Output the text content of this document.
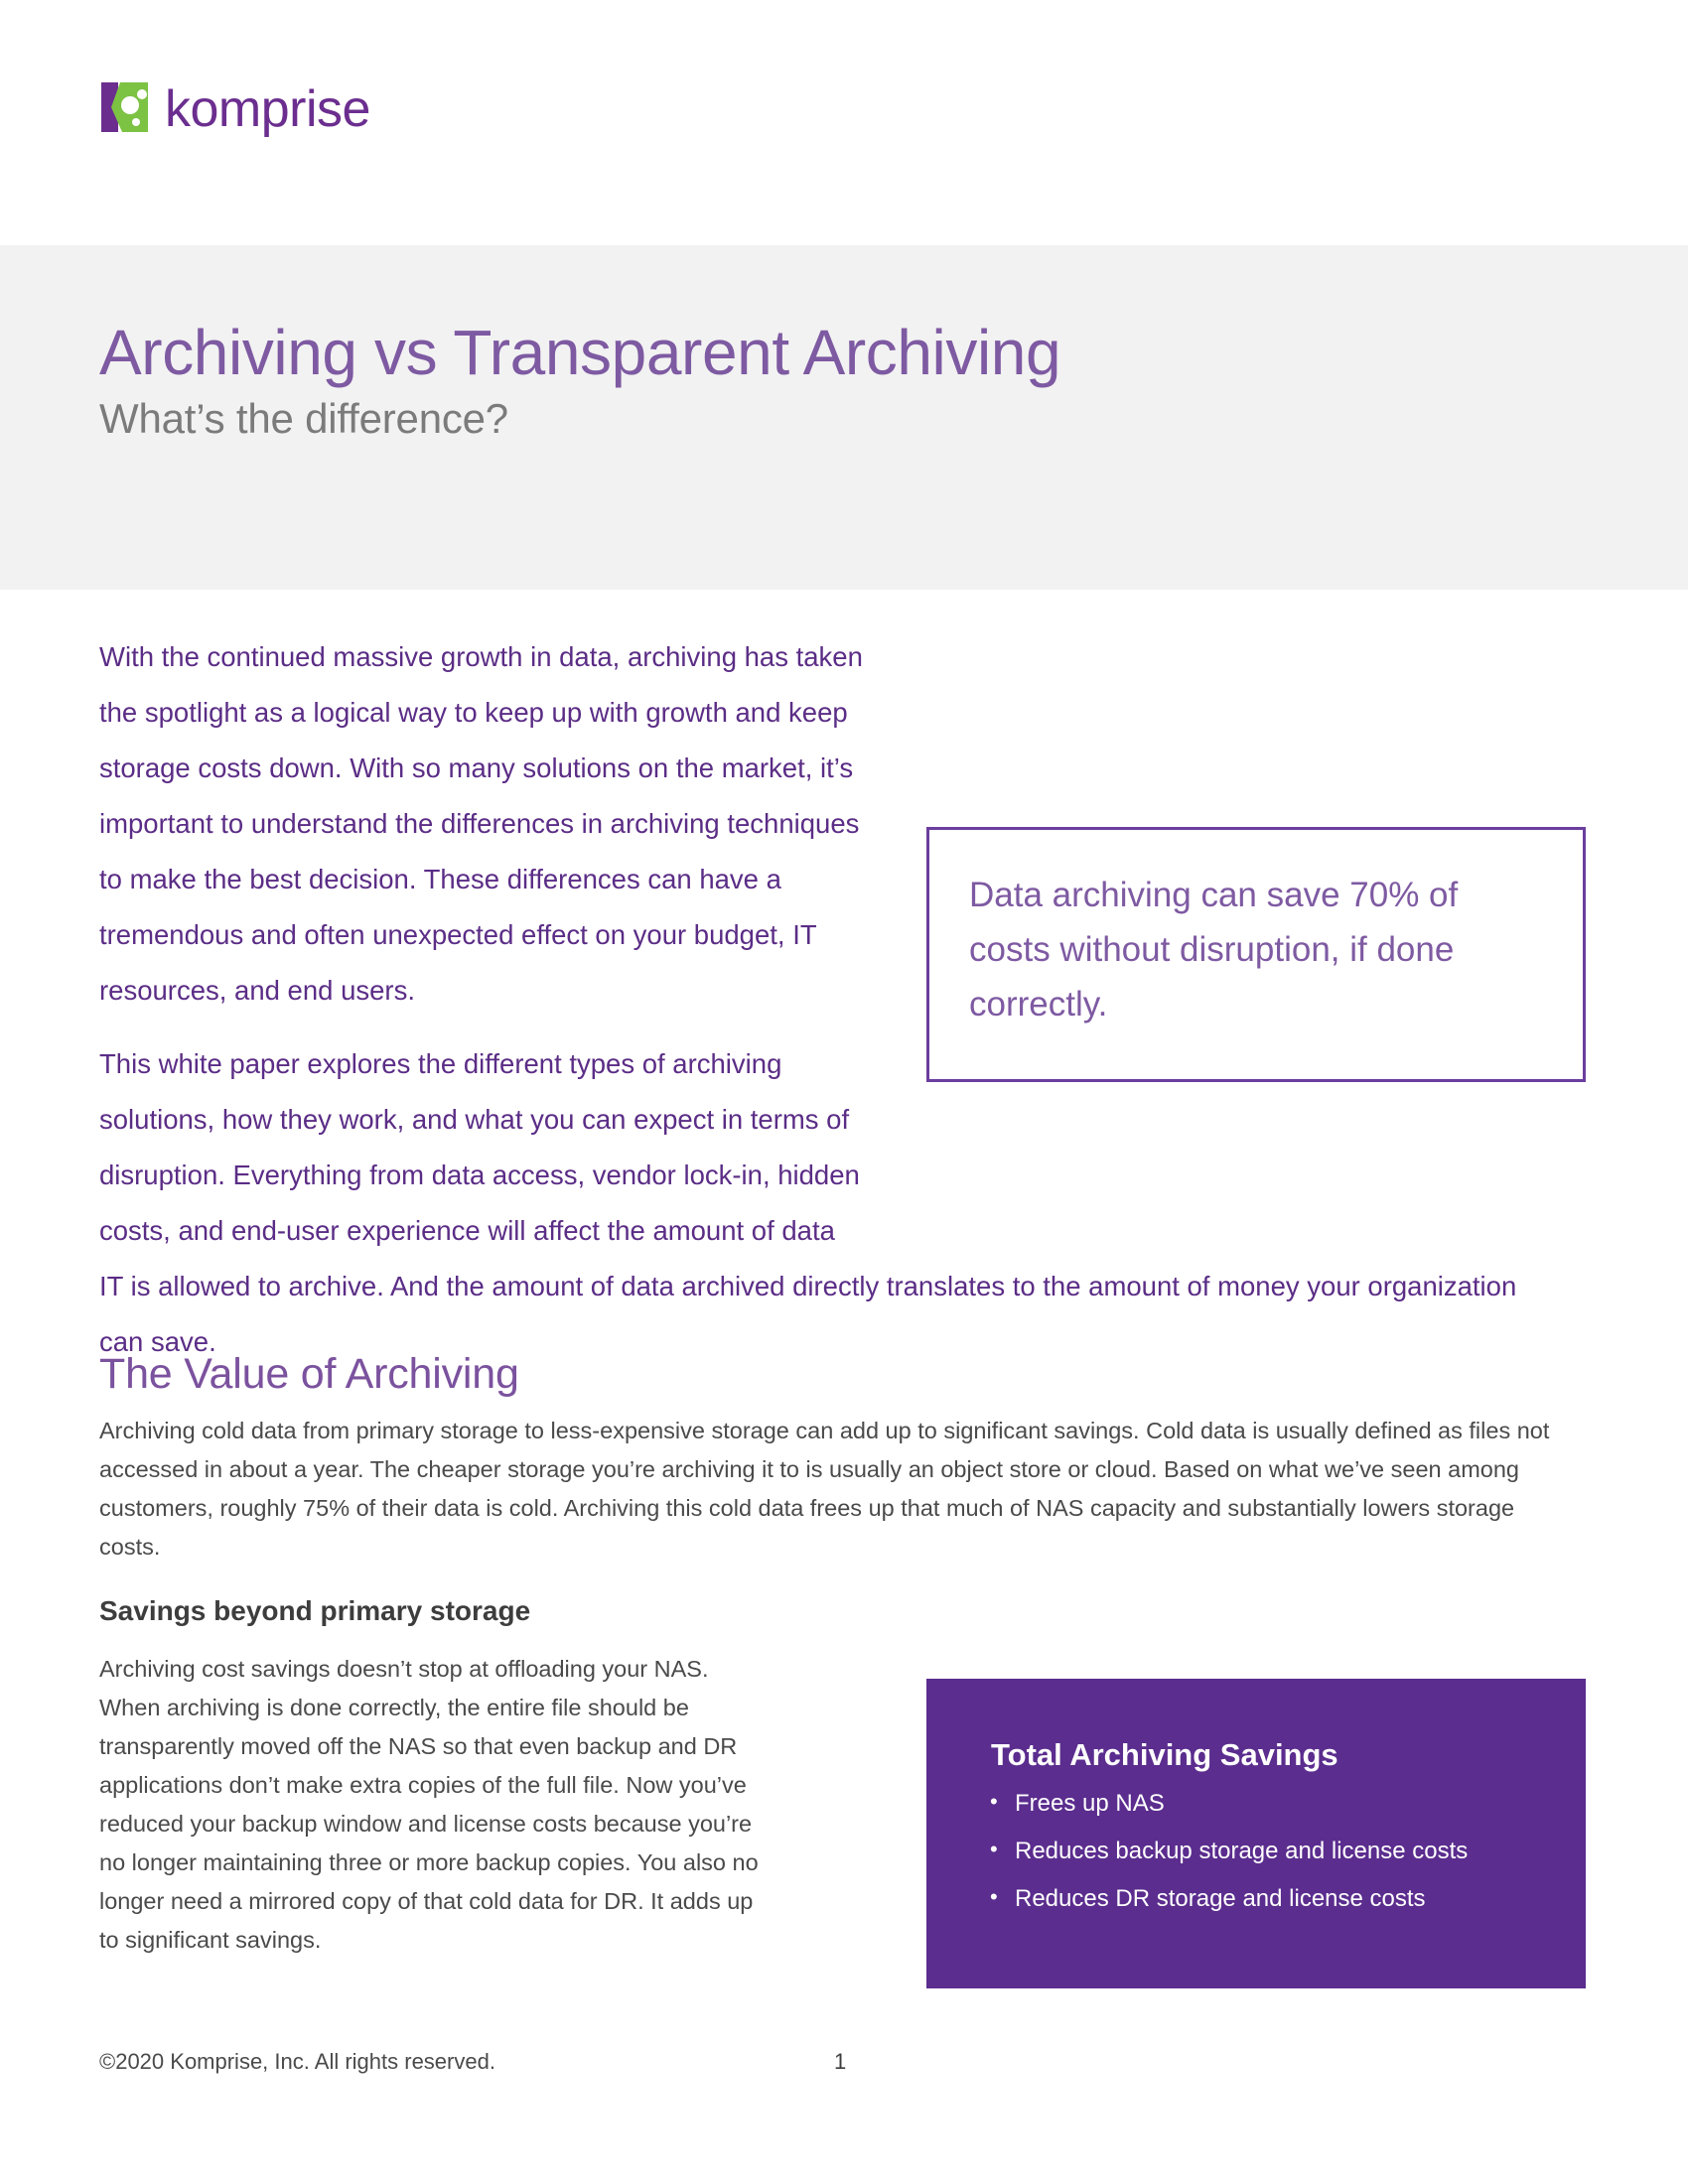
komprise
Archiving vs Transparent Archiving
What’s the difference?
Data archiving can save 70% of costs without disruption, if done correctly.

With the continued massive growth in data, archiving has taken the spotlight as a logical way to keep up with growth and keep storage costs down. With so many solutions on the market, it’s important to understand the differences in archiving techniques to make the best decision. These differences can have a tremendous and often unexpected effect on your budget, IT resources, and end users.

This white paper explores the different types of archiving solutions, how they work, and what you can expect in terms of disruption. Everything from data access, vendor lock-in, hidden costs, and end-user experience will affect the amount of data IT is allowed to archive. And the amount of data archived directly translates to the amount of money your organization can save.

The Value of Archiving
Archiving cold data from primary storage to less-expensive storage can add up to significant savings. Cold data is usually defined as files not accessed in about a year. The cheaper storage you’re archiving it to is usually an object store or cloud. Based on what we’ve seen among customers, roughly 75% of their data is cold. Archiving this cold data frees up that much of NAS capacity and substantially lowers storage costs.
Savings beyond primary storage
Archiving cost savings doesn’t stop at offloading your NAS. When archiving is done correctly, the entire file should be transparently moved off the NAS so that even backup and DR applications don’t make extra copies of the full file. Now you’ve reduced your backup window and license costs because you’re no longer maintaining three or more backup copies. You also no longer need a mirrored copy of that cold data for DR. It adds up to significant savings.
Total Archiving Savings
• Frees up NAS
• Reduces backup storage and license costs
• Reduces DR storage and license costs
©2020 Komprise, Inc. All rights reserved.	1
